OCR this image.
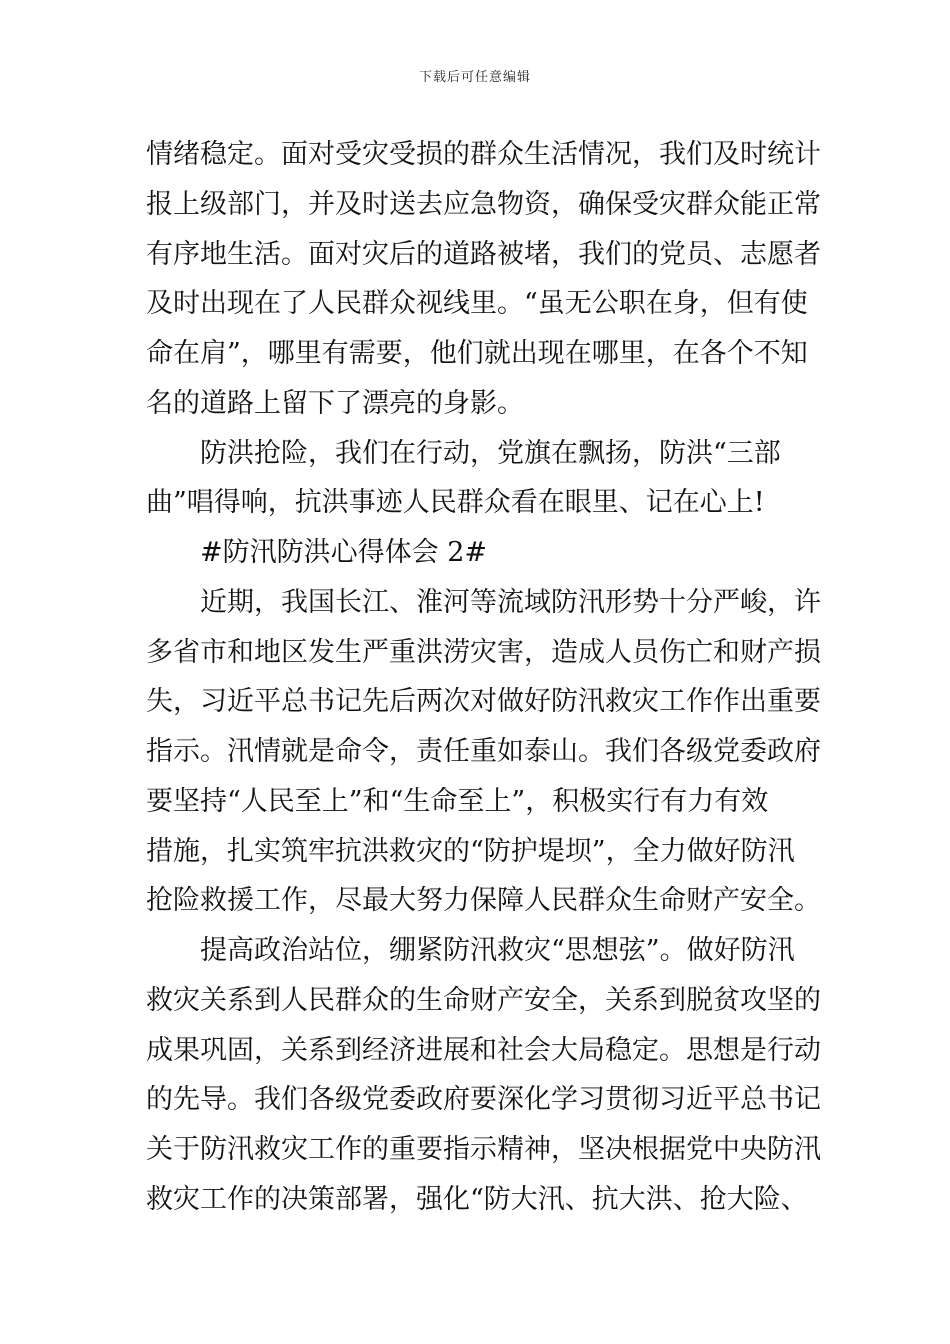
下载后可任意编辑
情绪稳定。面对受灾受损的群众生活情况，我们及时统计
报上级部门，并及时送去应急物资，确保受灾群众能正常
有序地生活。面对灾后的道路被堵，我们的党员、志愿者
及时出现在了人民群众视线里。“虽无公职在身，但有使
命在肩”，哪里有需要，他们就出现在哪里，在各个不知
名的道路上留下了漂亮的身影。
防洪抢险，我们在行动，党旗在飘扬，防洪“三部
曲”唱得响，抗洪事迹人民群众看在眼里、记在心上!
#防汛防洪心得体会 2#
近期，我国长江、淮河等流域防汛形势十分严峻，许
多省市和地区发生严重洪涝灾害，造成人员伤亡和财产损
失，习近平总书记先后两次对做好防汛救灾工作作出重要
指示。汛情就是命令，责任重如泰山。我们各级党委政府
要坚持“人民至上”和“生命至上”，积极实行有力有效
措施，扎实筑牢抗洪救灾的“防护堤坝”，全力做好防汛
抢险救援工作，尽最大努力保障人民群众生命财产安全。
提高政治站位，绷紧防汛救灾“思想弦”。做好防汛
救灾关系到人民群众的生命财产安全，关系到脱贫攻坚的
成果巩固，关系到经济进展和社会大局稳定。思想是行动
的先导。我们各级党委政府要深化学习贯彻习近平总书记
关于防汛救灾工作的重要指示精神，坚决根据党中央防汛
救灾工作的决策部署，强化“防大汛、抗大洪、抢大险、
